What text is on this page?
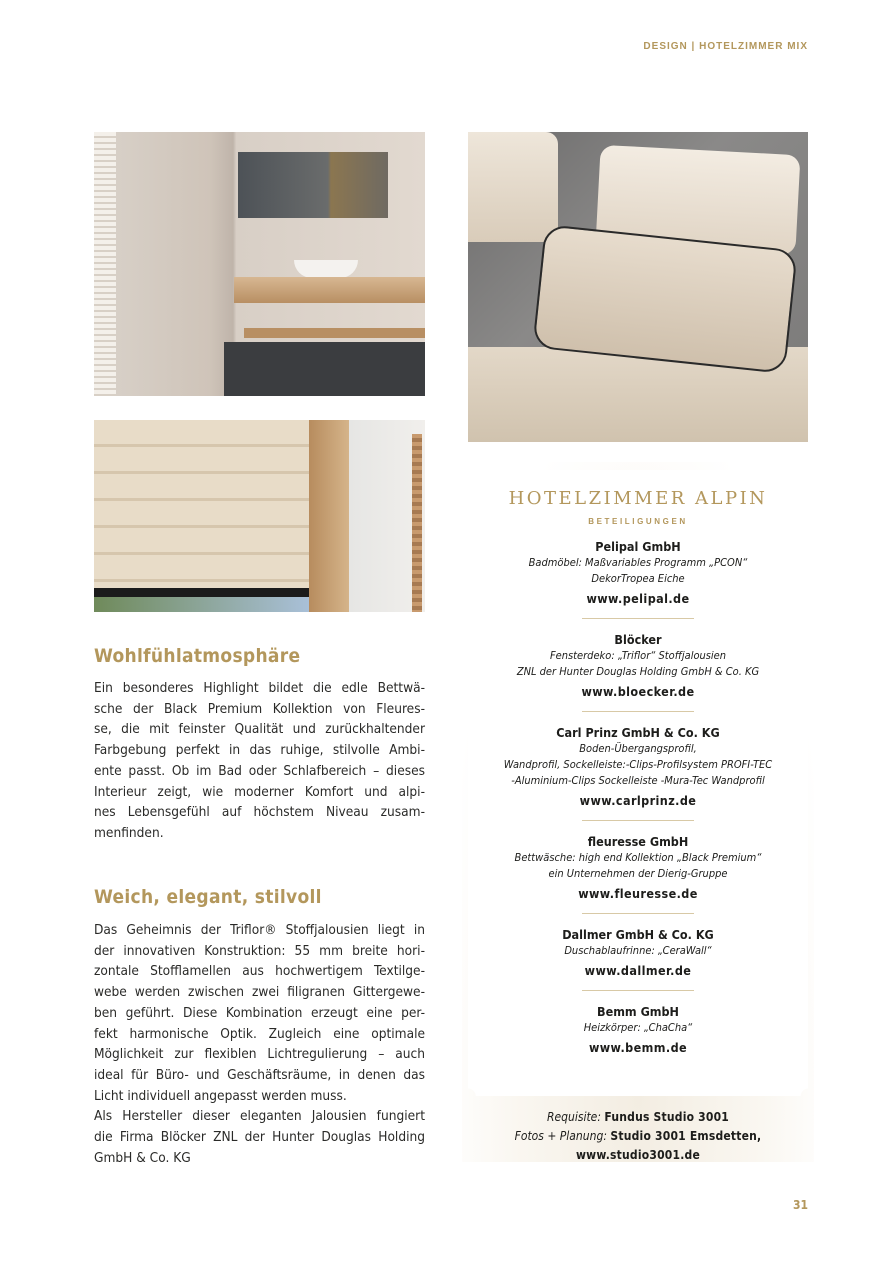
DESIGN | HOTELZIMMER MIX
Wohlfühlatmosphäre
Ein besonderes Highlight bildet die edle Bettwä-
sche der Black Premium Kollektion von Fleures-
se, die mit feinster Qualität und zurückhaltender
Farbgebung perfekt in das ruhige, stilvolle Ambi-
ente passt. Ob im Bad oder Schlafbereich – dieses
Interieur zeigt, wie moderner Komfort und alpi-
nes Lebensgefühl auf höchstem Niveau zusam-
menfinden.
Weich, elegant, stilvoll
Das Geheimnis der Triflor® Stoffjalousien liegt in
der innovativen Konstruktion: 55 mm breite hori-
zontale Stofflamellen aus hochwertigem Textilge-
webe werden zwischen zwei filigranen Gittergewe-
ben geführt. Diese Kombination erzeugt eine per-
fekt harmonische Optik. Zugleich eine optimale
Möglichkeit zur flexiblen Lichtregulierung – auch
ideal für Büro- und Geschäftsräume, in denen das
Licht individuell angepasst werden muss.
Als Hersteller dieser eleganten Jalousien fungiert
die Firma Blöcker ZNL der Hunter Douglas Holding
GmbH & Co. KG
HOTELZIMMER ALPIN
BETEILIGUNGEN
Pelipal GmbH
Badmöbel: Maßvariables Programm „PCON“
DekorTropea Eiche
www.pelipal.de
Blöcker
Fensterdeko: „Triflor“ Stoffjalousien
ZNL der Hunter Douglas Holding GmbH & Co. KG
www.bloecker.de
Carl Prinz GmbH & Co. KG
Boden-Übergangsprofil,
Wandprofil, Sockelleiste:-Clips-Profilsystem PROFI-TEC
-Aluminium-Clips Sockelleiste -Mura-Tec Wandprofil
www.carlprinz.de
fleuresse GmbH
Bettwäsche: high end Kollektion „Black Premium“
ein Unternehmen der Dierig-Gruppe
www.fleuresse.de
Dallmer GmbH & Co. KG
Duschablaufrinne: „CeraWall“
www.dallmer.de
Bemm GmbH
Heizkörper: „ChaCha“
www.bemm.de
Requisite: Fundus Studio 3001
Fotos + Planung: Studio 3001 Emsdetten,
www.studio3001.de
31
